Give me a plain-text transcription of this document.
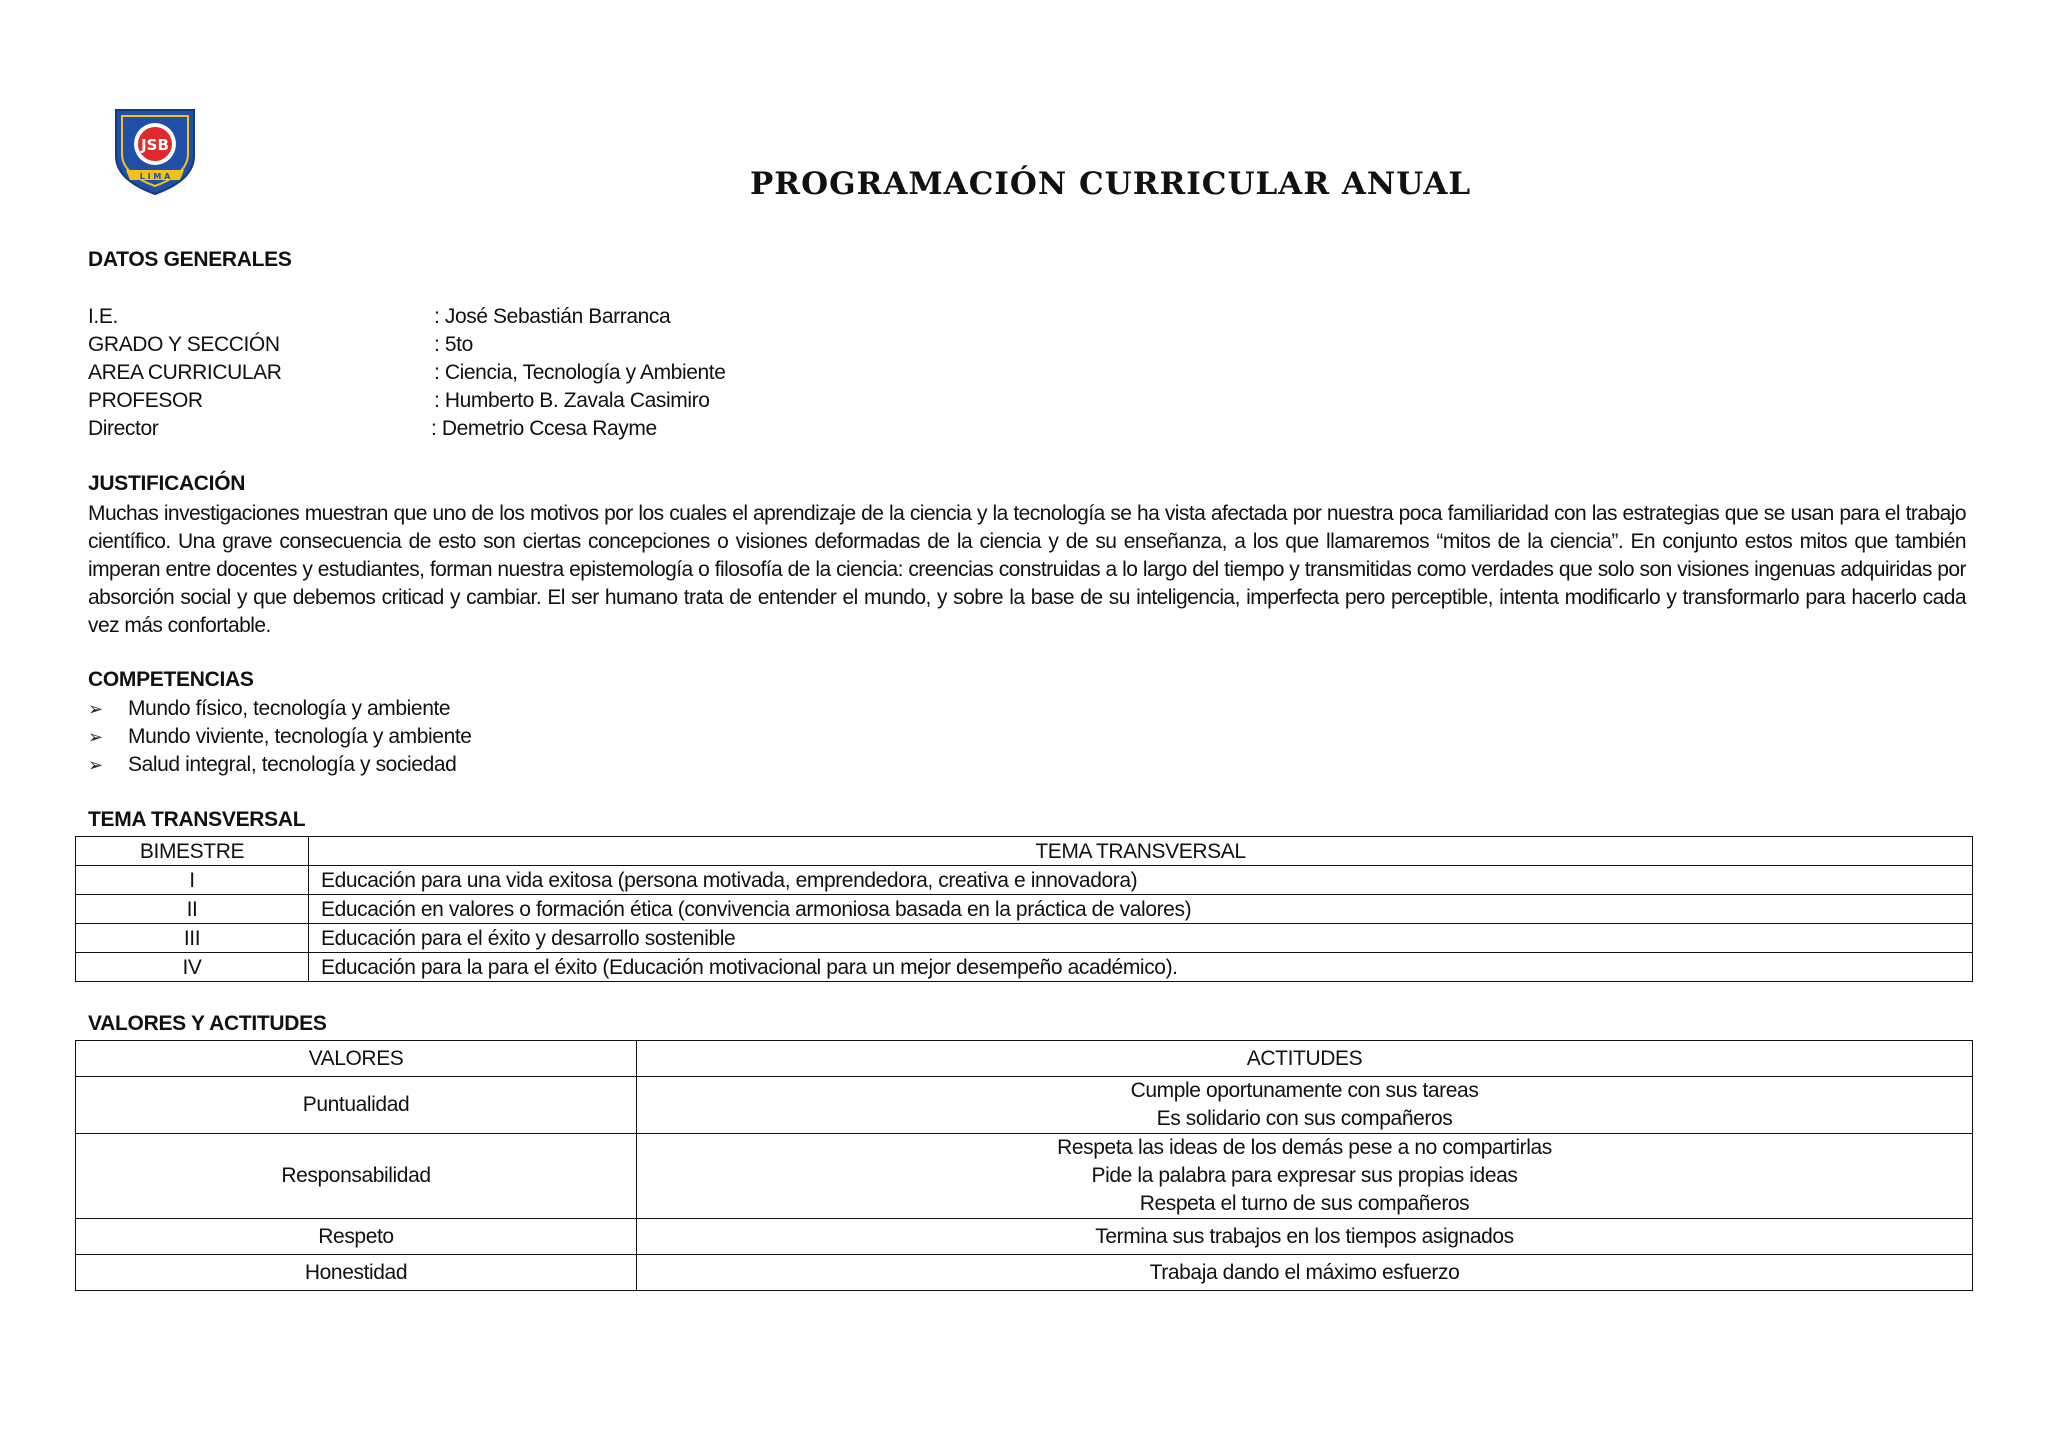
JSB
L I M A	PROGRAMACIÓN CURRICULAR ANUAL
DATOS GENERALES
I.E.	: José Sebastián Barranca
GRADO Y SECCIÓN	: 5to
AREA CURRICULAR	: Ciencia, Tecnología y Ambiente
PROFESOR	: Humberto B. Zavala Casimiro
Director	: Demetrio Ccesa Rayme
JUSTIFICACIÓN
Muchas investigaciones muestran que uno de los motivos por los cuales el aprendizaje de la ciencia y la tecnología se ha vista afectada por nuestra poca familiaridad con las estrategias que se usan para el trabajo científico. Una grave consecuencia de esto son ciertas concepciones o visiones deformadas de la ciencia y de su enseñanza, a los que llamaremos “mitos de la ciencia”. En conjunto estos mitos que también imperan entre docentes y estudiantes, forman nuestra epistemología o filosofía de la ciencia: creencias construidas a lo largo del tiempo y transmitidas como verdades que solo son visiones ingenuas adquiridas por absorción social y que debemos criticad y cambiar. El ser humano trata de entender el mundo, y sobre la base de su inteligencia, imperfecta pero perceptible, intenta modificarlo y transformarlo para hacerlo cada vez más confortable.
COMPETENCIAS
➢ Mundo físico, tecnología y ambiente
➢ Mundo viviente, tecnología y ambiente
➢ Salud integral, tecnología y sociedad
TEMA TRANSVERSAL
BIMESTRE	TEMA TRANSVERSAL
I	Educación para una vida exitosa (persona motivada, emprendedora, creativa e innovadora)
II	Educación en valores o formación ética (convivencia armoniosa basada en la práctica de valores)
III	Educación para el éxito y desarrollo sostenible
IV	Educación para la para el éxito (Educación motivacional para un mejor desempeño académico).
VALORES Y ACTITUDES
VALORES	ACTITUDES
Puntualidad	Cumple oportunamente con sus tareas
Es solidario con sus compañeros

Responsabilidad	Respeta las ideas de los demás pese a no compartirlas
Pide la palabra para expresar sus propias ideas
Respeta el turno de sus compañeros

Respeto	Termina sus trabajos en los tiempos asignados

Honestidad	Trabaja dando el máximo esfuerzo
